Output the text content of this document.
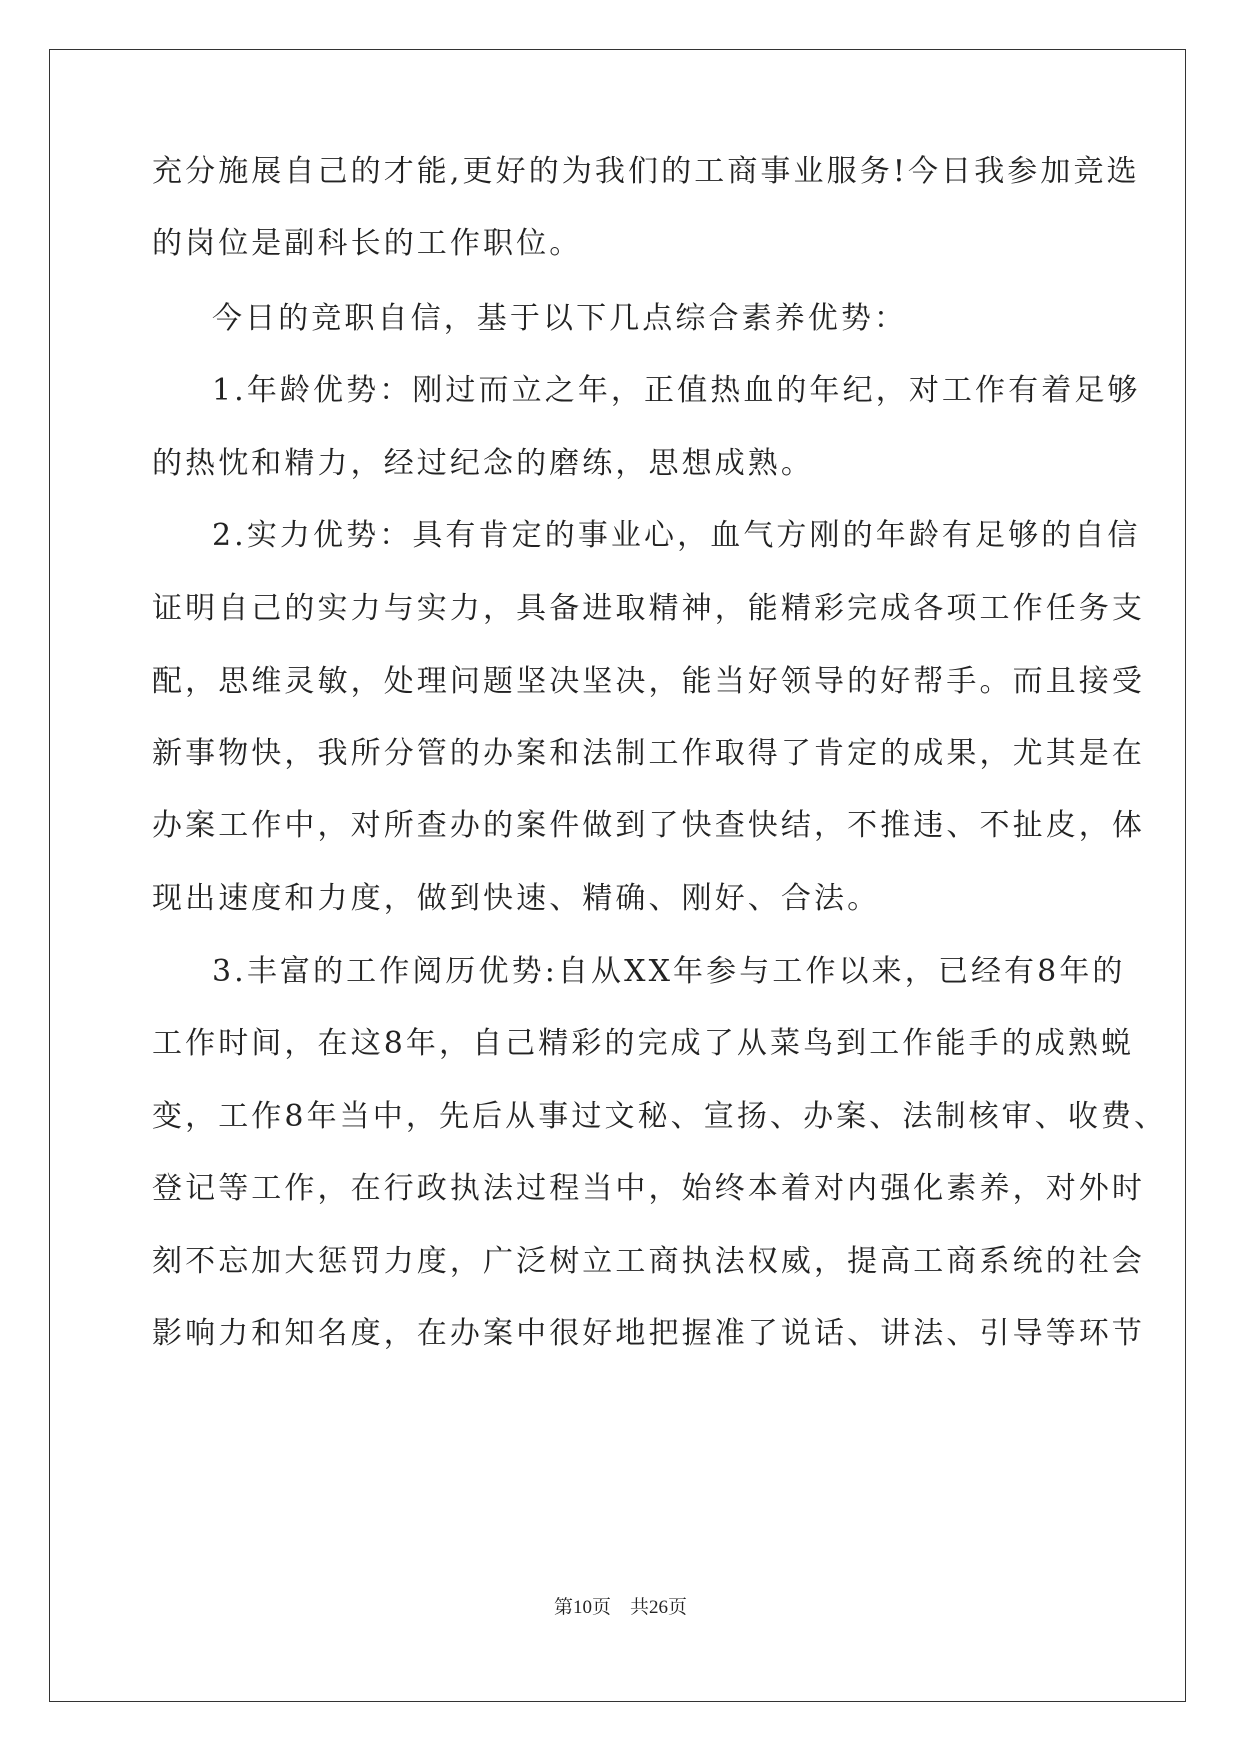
充分施展自己的才能,更好的为我们的工商事业服务!今日我参加竞选

的岗位是副科长的工作职位。

今日的竞职自信，基于以下几点综合素养优势：

1.年龄优势：刚过而立之年，正值热血的年纪，对工作有着足够

的热忱和精力，经过纪念的磨练，思想成熟。

2.实力优势：具有肯定的事业心，血气方刚的年龄有足够的自信

证明自己的实力与实力，具备进取精神，能精彩完成各项工作任务支

配，思维灵敏，处理问题坚决坚决，能当好领导的好帮手。而且接受

新事物快，我所分管的办案和法制工作取得了肯定的成果，尤其是在

办案工作中，对所查办的案件做到了快查快结，不推违、不扯皮，体

现出速度和力度，做到快速、精确、刚好、合法。

3.丰富的工作阅历优势:自从XX年参与工作以来，已经有8年的

工作时间，在这8年，自己精彩的完成了从菜鸟到工作能手的成熟蜕

变，工作8年当中，先后从事过文秘、宣扬、办案、法制核审、收费、

登记等工作，在行政执法过程当中，始终本着对内强化素养，对外时

刻不忘加大惩罚力度，广泛树立工商执法权威，提高工商系统的社会

影响力和知名度，在办案中很好地把握准了说话、讲法、引导等环节

第10页　共26页
